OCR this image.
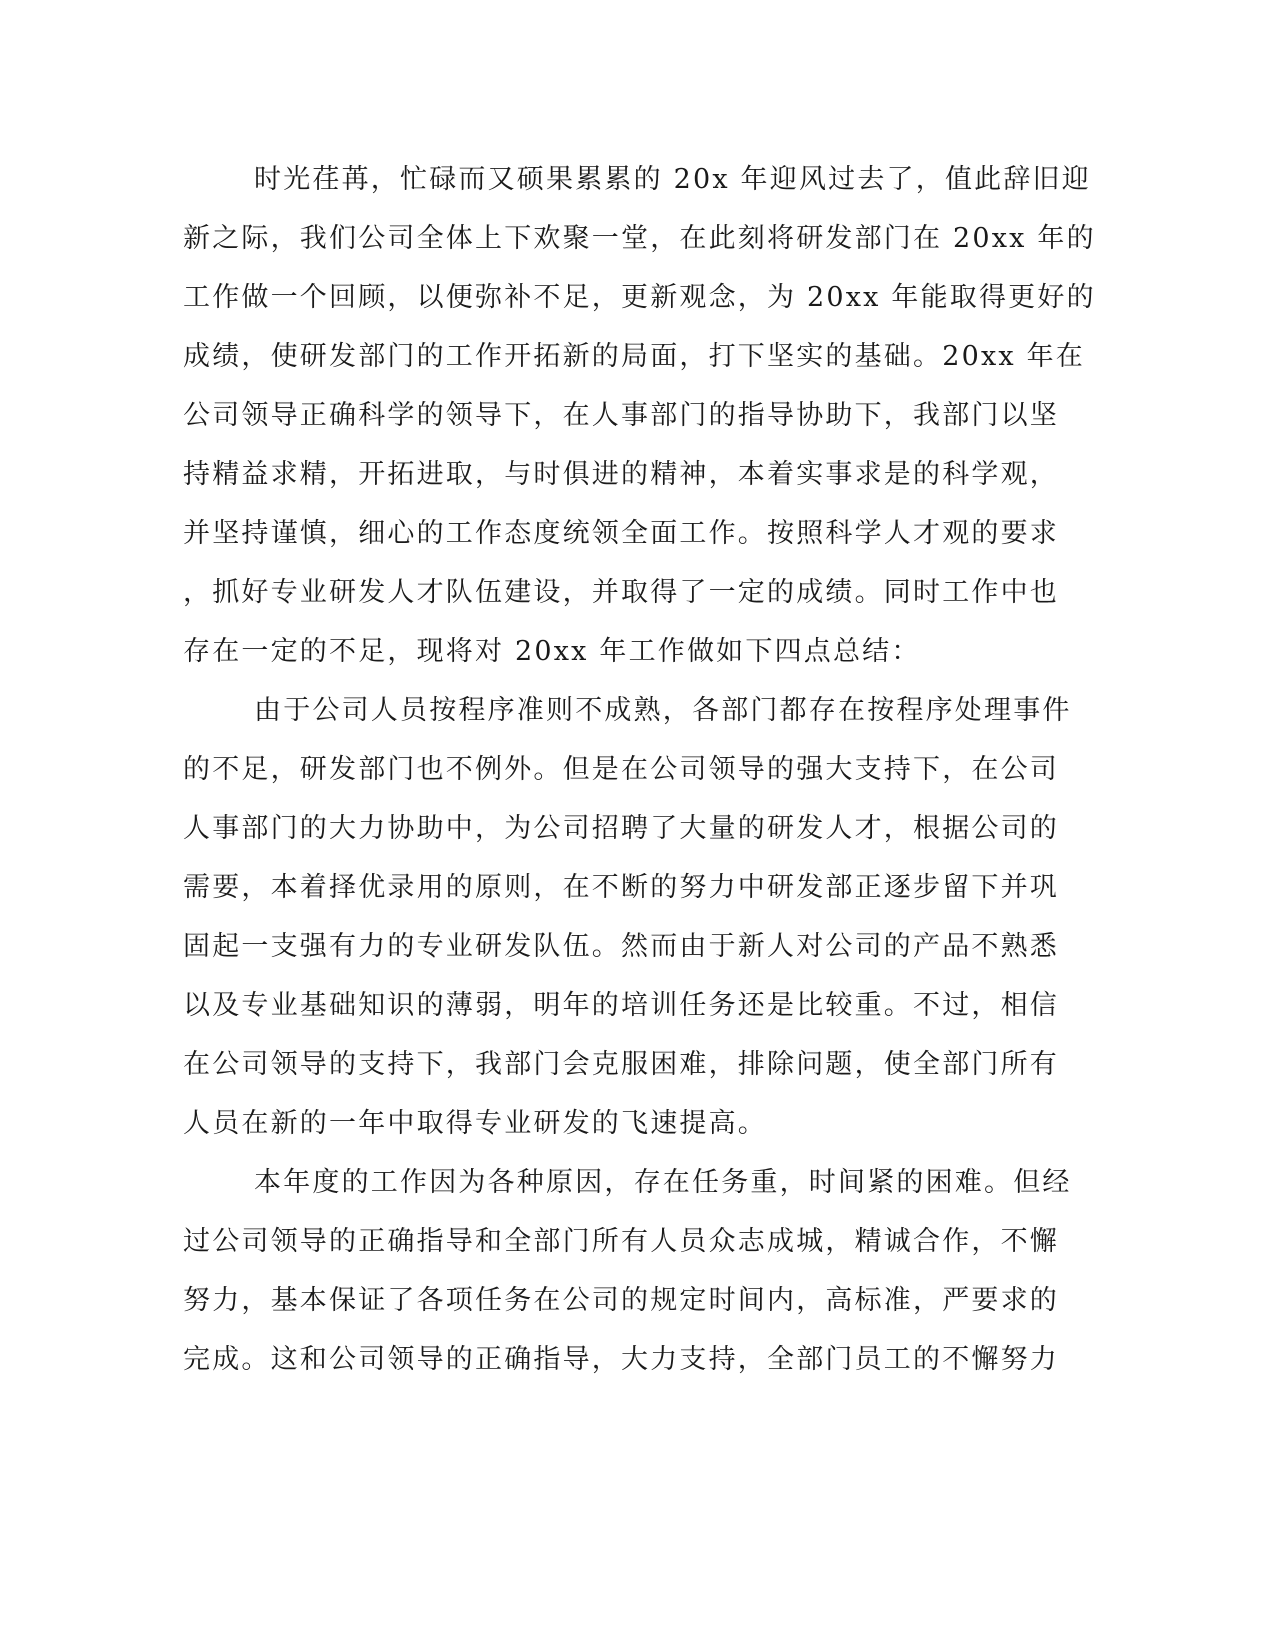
时光荏苒，忙碌而又硕果累累的 20x 年迎风过去了，值此辞旧迎
新之际，我们公司全体上下欢聚一堂，在此刻将研发部门在 20xx 年的
工作做一个回顾，以便弥补不足，更新观念，为 20xx 年能取得更好的
成绩，使研发部门的工作开拓新的局面，打下坚实的基础。20xx 年在
公司领导正确科学的领导下，在人事部门的指导协助下，我部门以坚
持精益求精，开拓进取，与时俱进的精神，本着实事求是的科学观，
并坚持谨慎，细心的工作态度统领全面工作。按照科学人才观的要求
，抓好专业研发人才队伍建设，并取得了一定的成绩。同时工作中也
存在一定的不足，现将对 20xx 年工作做如下四点总结：
由于公司人员按程序准则不成熟，各部门都存在按程序处理事件
的不足，研发部门也不例外。但是在公司领导的强大支持下，在公司
人事部门的大力协助中，为公司招聘了大量的研发人才，根据公司的
需要，本着择优录用的原则，在不断的努力中研发部正逐步留下并巩
固起一支强有力的专业研发队伍。然而由于新人对公司的产品不熟悉
以及专业基础知识的薄弱，明年的培训任务还是比较重。不过，相信
在公司领导的支持下，我部门会克服困难，排除问题，使全部门所有
人员在新的一年中取得专业研发的飞速提高。
本年度的工作因为各种原因，存在任务重，时间紧的困难。但经
过公司领导的正确指导和全部门所有人员众志成城，精诚合作，不懈
努力，基本保证了各项任务在公司的规定时间内，高标准，严要求的
完成。这和公司领导的正确指导，大力支持，全部门员工的不懈努力
